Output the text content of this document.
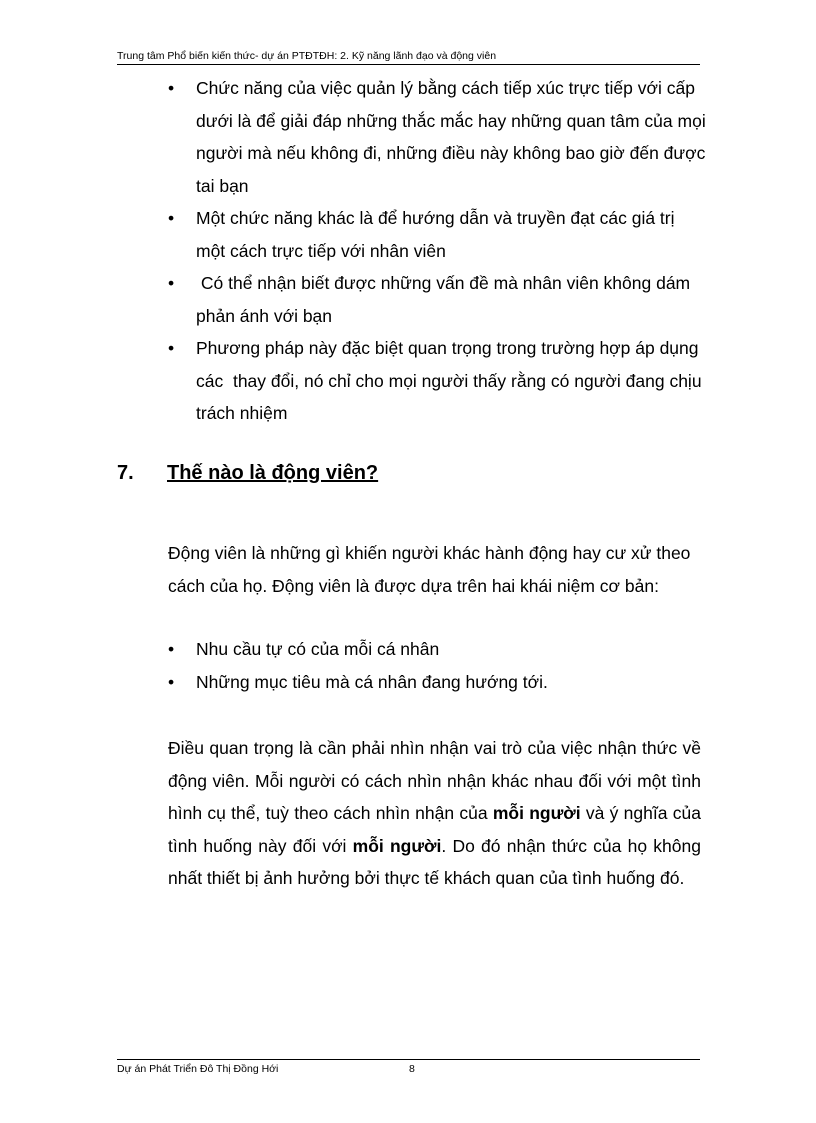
Trung tâm Phổ biến kiến thức- dự án PTĐTĐH: 2. Kỹ năng lãnh đạo và động viên
• Chức năng của việc quản lý bằng cách tiếp xúc trực tiếp với cấp dưới là để giải đáp những thắc mắc hay những quan tâm của mọi người mà nếu không đi, những điều này không bao giờ đến được tai bạn
• Một chức năng khác là để hướng dẫn và truyền đạt các giá trị một cách trực tiếp với nhân viên
• Có thể nhận biết được những vấn đề mà nhân viên không dám phản ánh với bạn
• Phương pháp này đặc biệt quan trọng trong trường hợp áp dụng các  thay đổi, nó chỉ cho mọi người thấy rằng có người đang chịu trách nhiệm
7. Thế nào là động viên?

Động viên là những gì khiến người khác hành động hay cư xử theo cách của họ. Động viên là được dựa trên hai khái niệm cơ bản:

• Nhu cầu tự có của mỗi cá nhân
• Những mục tiêu mà cá nhân đang hướng tới.

Điều quan trọng là cần phải nhìn nhận vai trò của việc nhận thức về động viên. Mỗi người có cách nhìn nhận khác nhau đối với một tình hình cụ thể, tuỳ theo cách nhìn nhận của mỗi người và ý nghĩa của tình huống này đối với mỗi người. Do đó nhận thức của họ không nhất thiết bị ảnh hưởng bởi thực tế khách quan của tình huống đó.

Dự án Phát Triển Đô Thị Đồng Hới	8
